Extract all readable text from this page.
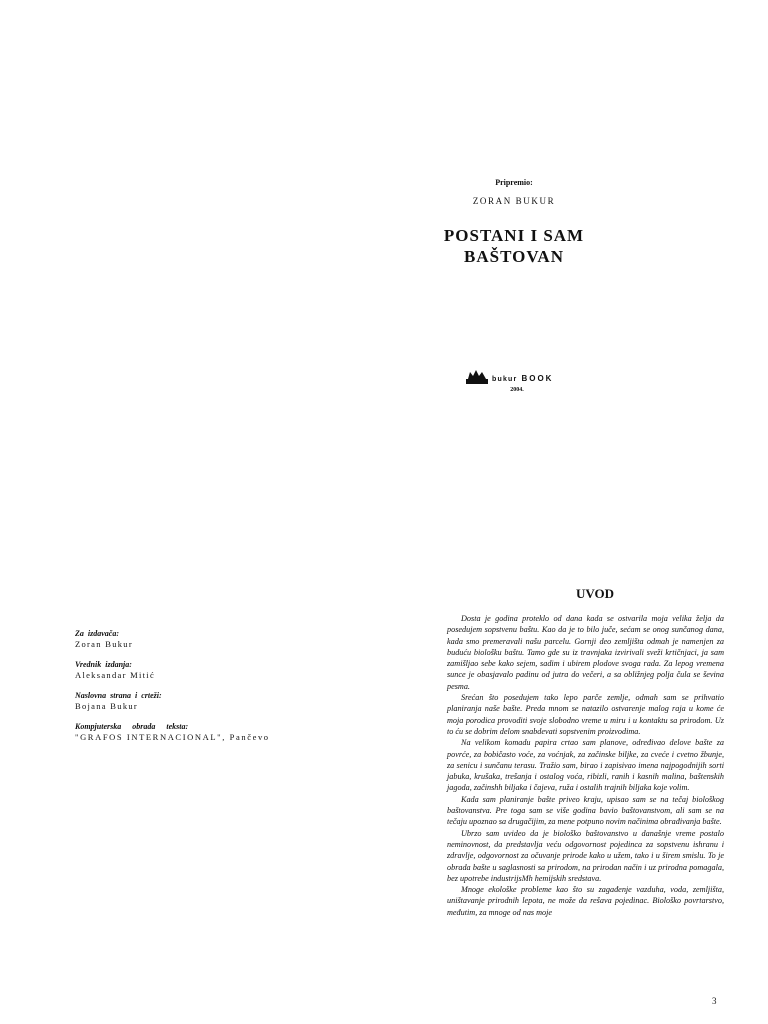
Pripremio:
ZORAN BUKUR
POSTANI I SAM
BAŠTOVAN
bukur BOOK
2004.
Za izdavača:
Zoran Bukur
Vrednik izdanja:
Aleksandar Mitić
Naslovna strana i crteži:
Bojana Bukur
Kompjuterska obrada teksta:
"GRAFOS INTERNACIONAL", Pančevo
UVOD

Dosta je godina proteklo od dana kada se ostvarila moja velika želja da posedujem sopstvenu baštu. Kao da je to bilo juče, sećam se onog sunčanog dana, kada smo premeravali našu parcelu. Gornji deo zemljišta odmah je namenjen za buduću biološku baštu. Tamo gde su iz travnjaka izvirivali sveži krtičnjaci, ja sam zamišljao sebe kako sejem, sadim i ubirem plodove svoga rada. Za lepog vremena sunce je obasjavalo padinu od jutra do večeri, a sa obližnjeg polja čula se ševina pesma.

Srećan što posedujem tako lepo parče zemlje, odmah sam se prihvatio planiranja naše bašte. Preda mnom se natazilo ostvarenje malog raja u kome će moja porodica provoditi svoje slobodno vreme u miru i u kontaktu sa prirodom. Uz to ću se dobrim delom snabdevati sopstvenim proizvodima.

Na velikom komadu papira crtao sam planove, određivao delove bašte za povrće, za bobičasto voće, za voćnjak, za začinske biljke, za cveće i cvetno žbunje, za senicu i sunčanu terasu. Tražio sam, birao i zapisivao imena najpogodnijih sorti jabuka, krušaka, trešanja i ostalog voća, ribizli, ranih i kasnih malina, baštenskih jagoda, začinshh biljaka i čajeva, ruža i ostalih trajnih biljaka koje volim.

Kada sam planiranje bašte priveo kraju, upisao sam se na tečaj biološkog baštovanstva. Pre toga sam se više godina bavio baštovanstvom, ali sam se na tečaju upoznao sa drugačijim, za mene potpuno novim načinima obrađivanja bašte.

Ubrzo sam uvideo da je biološko baštovanstvo u današnje vreme postalo neminovnost, da predstavlja veću odgovornost pojedinca za sopstvenu ishranu i zdravlje, odgovornost za očuvanje prirode kako u užem, tako i u širem smislu. To je obrada bašte u saglasnosti sa prirodom, na prirodan način i uz prirodna pomagala, bez upotrebe industrijsMh hemijskih sredstava.

Mnoge ekološke probleme kao što su zagađenje vazduha, voda, zemljišta, uništavanje prirodnih lepota, ne može da rešava pojedinac. Biološko povrtarstvo, međutim, za mnoge od nas moje

3
